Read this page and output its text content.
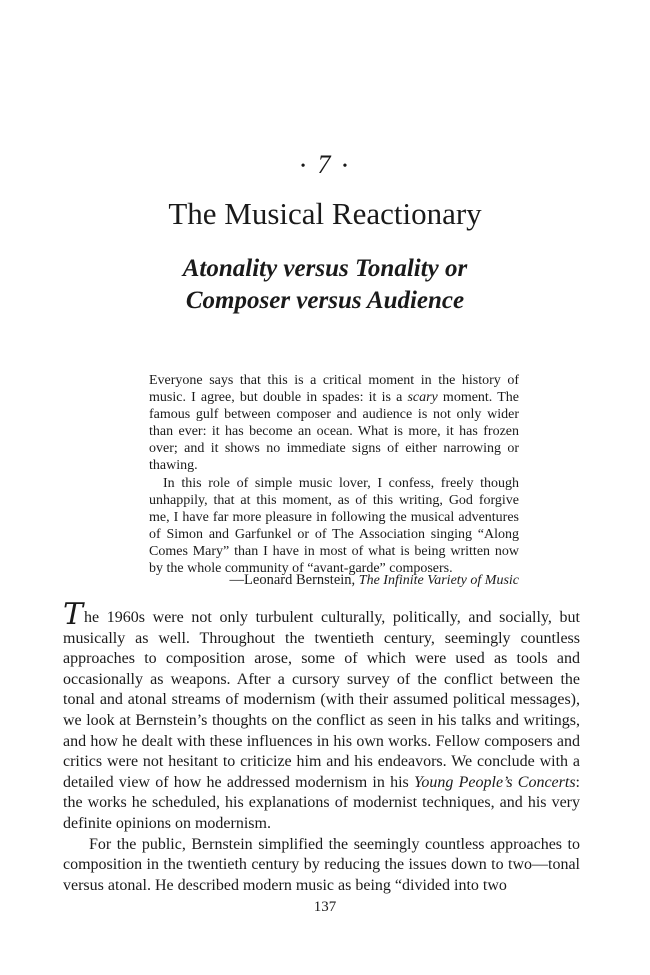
• 7 •
The Musical Reactionary
Atonality versus Tonality or
Composer versus Audience

Everyone says that this is a critical moment in the history of music. I agree, but double in spades: it is a scary moment. The famous gulf between composer and audience is not only wider than ever: it has become an ocean. What is more, it has frozen over; and it shows no immediate signs of either narrowing or thawing.

In this role of simple music lover, I confess, freely though unhappily, that at this moment, as of this writing, God forgive me, I have far more pleasure in following the musical adventures of Simon and Garfunkel or of The Association singing “Along Comes Mary” than I have in most of what is being written now by the whole community of “avant-garde” composers.

—Leonard Bernstein, The Infinite Variety of Music

The 1960s were not only turbulent culturally, politically, and socially, but musically as well. Throughout the twentieth century, seemingly countless approaches to composition arose, some of which were used as tools and occasionally as weapons. After a cursory survey of the conflict between the tonal and atonal streams of modernism (with their assumed political messages), we look at Bernstein’s thoughts on the conflict as seen in his talks and writings, and how he dealt with these influences in his own works. Fellow composers and critics were not hesitant to criticize him and his endeavors. We conclude with a detailed view of how he addressed modernism in his Young People’s Concerts: the works he scheduled, his explanations of modernist techniques, and his very definite opinions on modernism.

For the public, Bernstein simplified the seemingly countless approaches to composition in the twentieth century by reducing the issues down to two—tonal versus atonal. He described modern music as being “divided into two

137
